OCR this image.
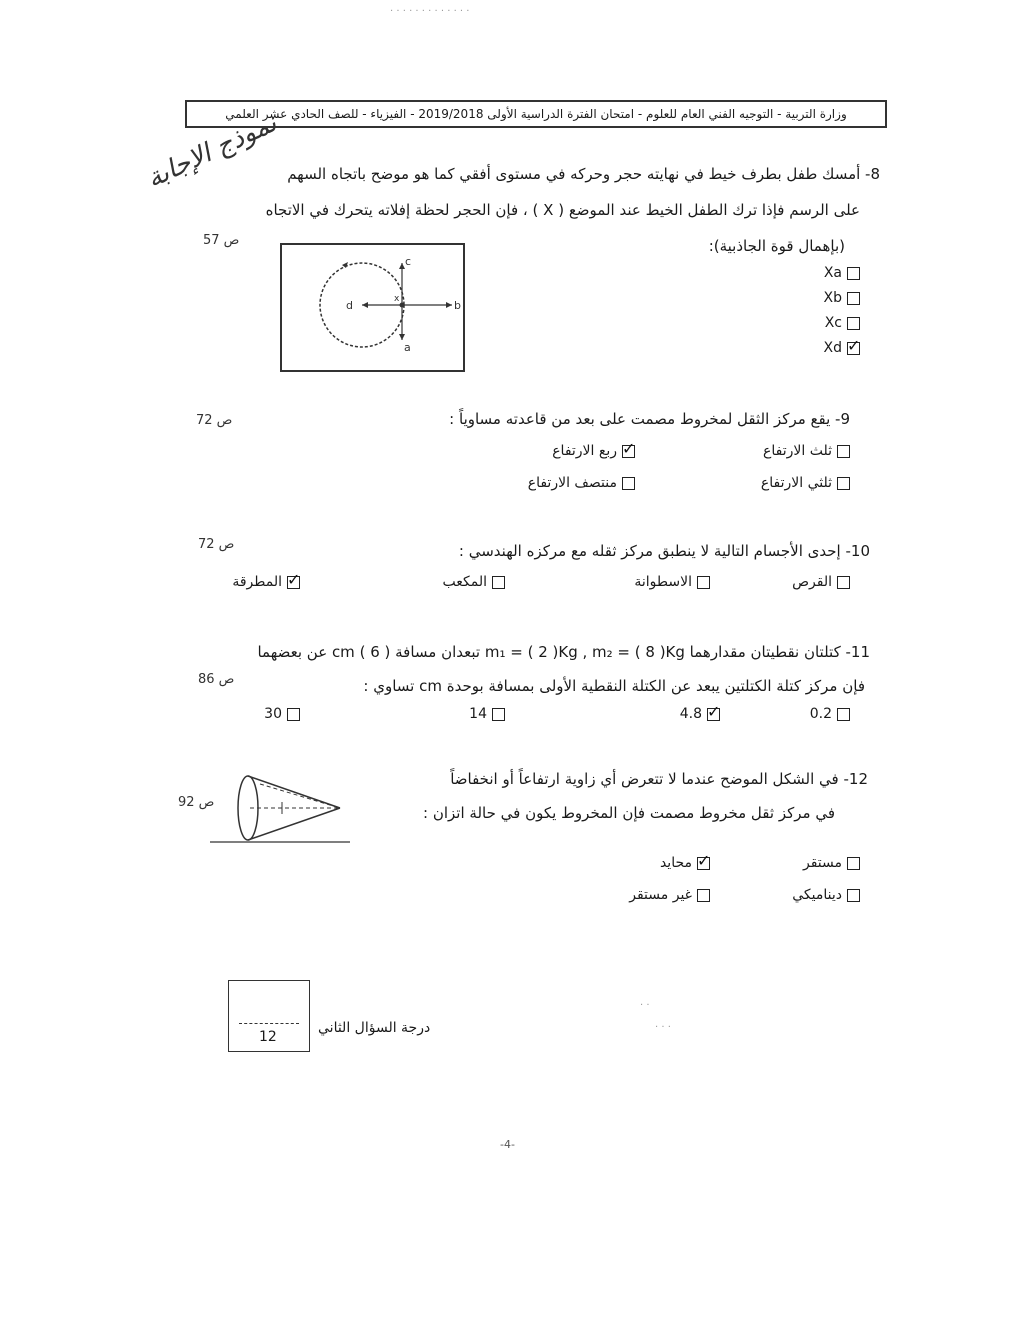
· · · · · · · · · · · · ·
وزارة التربية - التوجيه الفني العام للعلوم - امتحان الفترة الدراسية الأولى 2019/2018 - الفيزياء - للصف الحادي عشر العلمي
نموذج الإجابة 8- أمسك طفل بطرف خيط في نهايته حجر وحركه في مستوى أفقي كما هو موضح باتجاه السهم
على الرسم فإذا ترك الطفل الخيط عند الموضع ( X ) ، فإن الحجر لحظة إفلاته يتحرك في الاتجاه
(بإهمال قوة الجاذبية):
ص 57
c
b
d
a
x
Xa
Xb
Xc
✓
Xd
9- يقع مركز الثقل لمخروط مصمت على بعد من قاعدته مساوياً :
ص 72
ثلث الارتفاع
✓
ربع الارتفاع
ثلثي الارتفاع
منتصف الارتفاع
10- إحدى الأجسام التالية لا ينطبق مركز ثقله مع مركزه الهندسي :
ص 72
القرص
الاسطوانة
المكعب
✓
المطرقة
11- كتلتان نقطيتان مقدارهما m₁ = ( 2 )Kg , m₂ = ( 8 )Kg تبعدان مسافة ( 6 ) cm عن بعضهما
فإن مركز كتلة الكتلتين يبعد عن الكتلة النقطية الأولى بمسافة بوحدة cm تساوي :
ص 86
0.2
✓
4.8
14
30
12- في الشكل الموضح عندما لا تتعرض أي زاوية ارتفاعاً أو انخفاضاً
في مركز ثقل مخروط مصمت فإن المخروط يكون في حالة اتزان :
ص 92
مستقر
✓
محايد
ديناميكي
غير مستقر
12
درجة السؤال الثاني
· ·
· · ·
-4-
